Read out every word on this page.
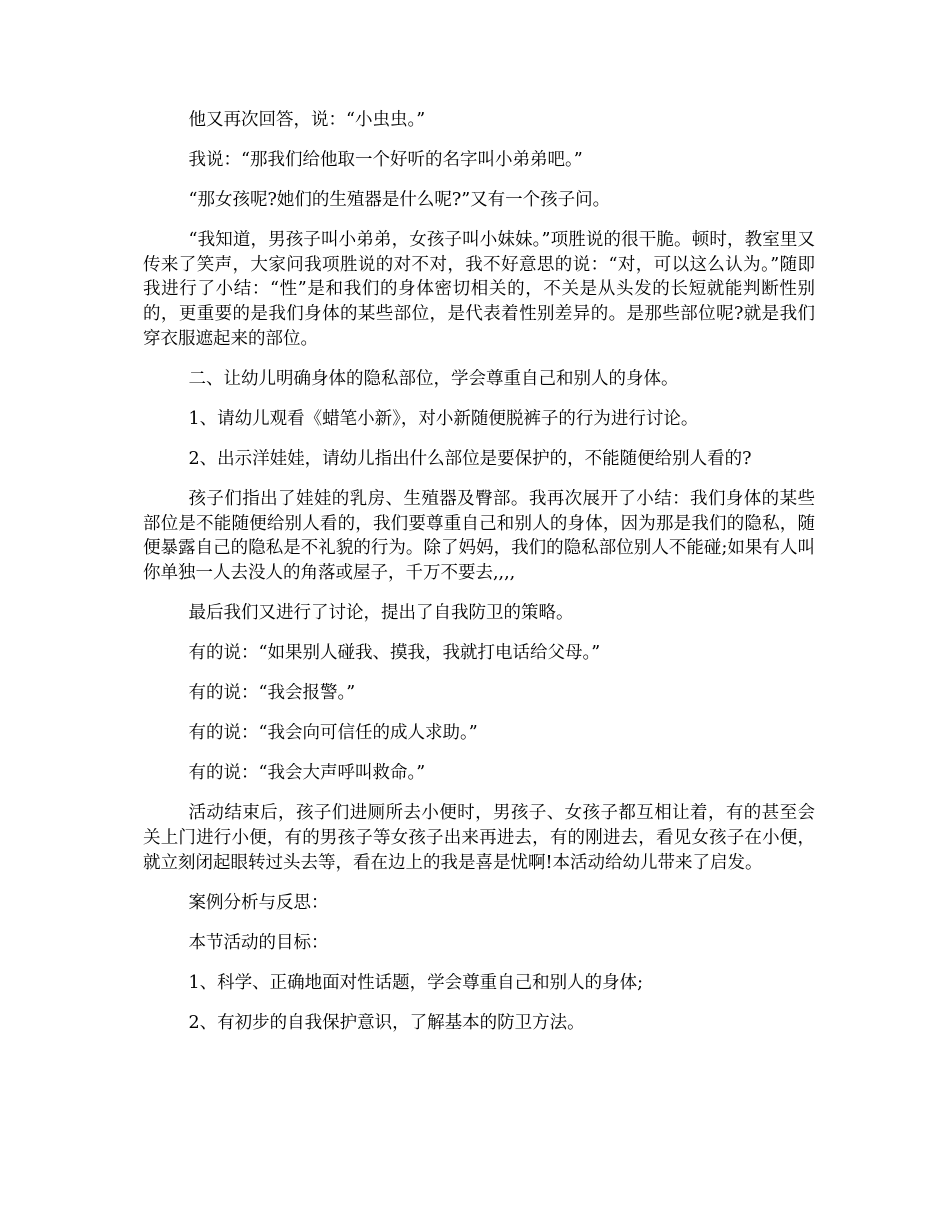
他又再次回答，说：“小虫虫。”

我说：“那我们给他取一个好听的名字叫小弟弟吧。”

“那女孩呢?她们的生殖器是什么呢?”又有一个孩子问。

“我知道，男孩子叫小弟弟，女孩子叫小妹妹。”项胜说的很干脆。顿时，教室里又传来了笑声，大家问我项胜说的对不对，我不好意思的说：“对，可以这么认为。”随即我进行了小结：“性”是和我们的身体密切相关的，不关是从头发的长短就能判断性别的，更重要的是我们身体的某些部位，是代表着性别差异的。是那些部位呢?就是我们穿衣服遮起来的部位。

二、让幼儿明确身体的隐私部位，学会尊重自己和别人的身体。

1、请幼儿观看《蜡笔小新》，对小新随便脱裤子的行为进行讨论。

2、出示洋娃娃，请幼儿指出什么部位是要保护的，不能随便给别人看的?

孩子们指出了娃娃的乳房、生殖器及臀部。我再次展开了小结：我们身体的某些部位是不能随便给别人看的，我们要尊重自己和别人的身体，因为那是我们的隐私，随便暴露自己的隐私是不礼貌的行为。除了妈妈，我们的隐私部位别人不能碰;如果有人叫你单独一人去没人的角落或屋子，千万不要去,,,,

最后我们又进行了讨论，提出了自我防卫的策略。

有的说：“如果别人碰我、摸我，我就打电话给父母。”

有的说：“我会报警。”

有的说：“我会向可信任的成人求助。”

有的说：“我会大声呼叫救命。”

活动结束后，孩子们进厕所去小便时，男孩子、女孩子都互相让着，有的甚至会关上门进行小便，有的男孩子等女孩子出来再进去，有的刚进去，看见女孩子在小便，就立刻闭起眼转过头去等，看在边上的我是喜是忧啊!本活动给幼儿带来了启发。

案例分析与反思：

本节活动的目标：

1、科学、正确地面对性话题，学会尊重自己和别人的身体;

2、有初步的自我保护意识，了解基本的防卫方法。
